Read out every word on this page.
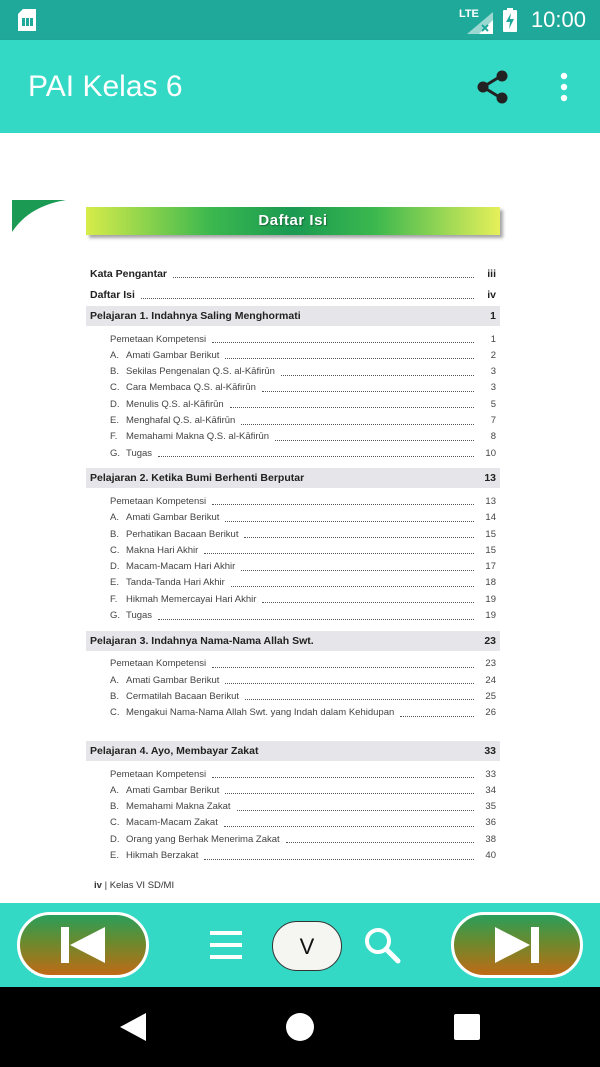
LTE 10:00
PAI Kelas 6
Daftar Isi
Kata Pengantar	iii
Daftar Isi	iv
Pelajaran 1. Indahnya Saling Menghormati	1
Pemetaan Kompetensi	1
A. Amati Gambar Berikut	2
B. Sekilas Pengenalan Q.S. al-Kāfirūn	3
C. Cara Membaca Q.S. al-Kāfirūn	3
D. Menulis Q.S. al-Kāfirūn	5
E. Menghafal Q.S. al-Kāfirūn	7
F. Memahami Makna Q.S. al-Kāfirūn	8
G. Tugas	10
Pelajaran 2. Ketika Bumi Berhenti Berputar	13
Pemetaan Kompetensi	13
A. Amati Gambar Berikut	14
B. Perhatikan Bacaan Berikut	15
C. Makna Hari Akhir	15
D. Macam-Macam Hari Akhir	17
E. Tanda-Tanda Hari Akhir	18
F. Hikmah Memercayai Hari Akhir	19
G. Tugas	19
Pelajaran 3. Indahnya Nama-Nama Allah Swt.	23
Pemetaan Kompetensi	23
A. Amati Gambar Berikut	24
B. Cermatilah Bacaan Berikut	25
C. Mengakui Nama-Nama Allah Swt. yang Indah dalam Kehidupan	26
Pelajaran 4. Ayo, Membayar Zakat	33
Pemetaan Kompetensi	33
A. Amati Gambar Berikut	34
B. Memahami Makna Zakat	35
C. Macam-Macam Zakat	36
D. Orang yang Berhak Menerima Zakat	38
E. Hikmah Berzakat	40
iv | Kelas VI SD/MI
V
